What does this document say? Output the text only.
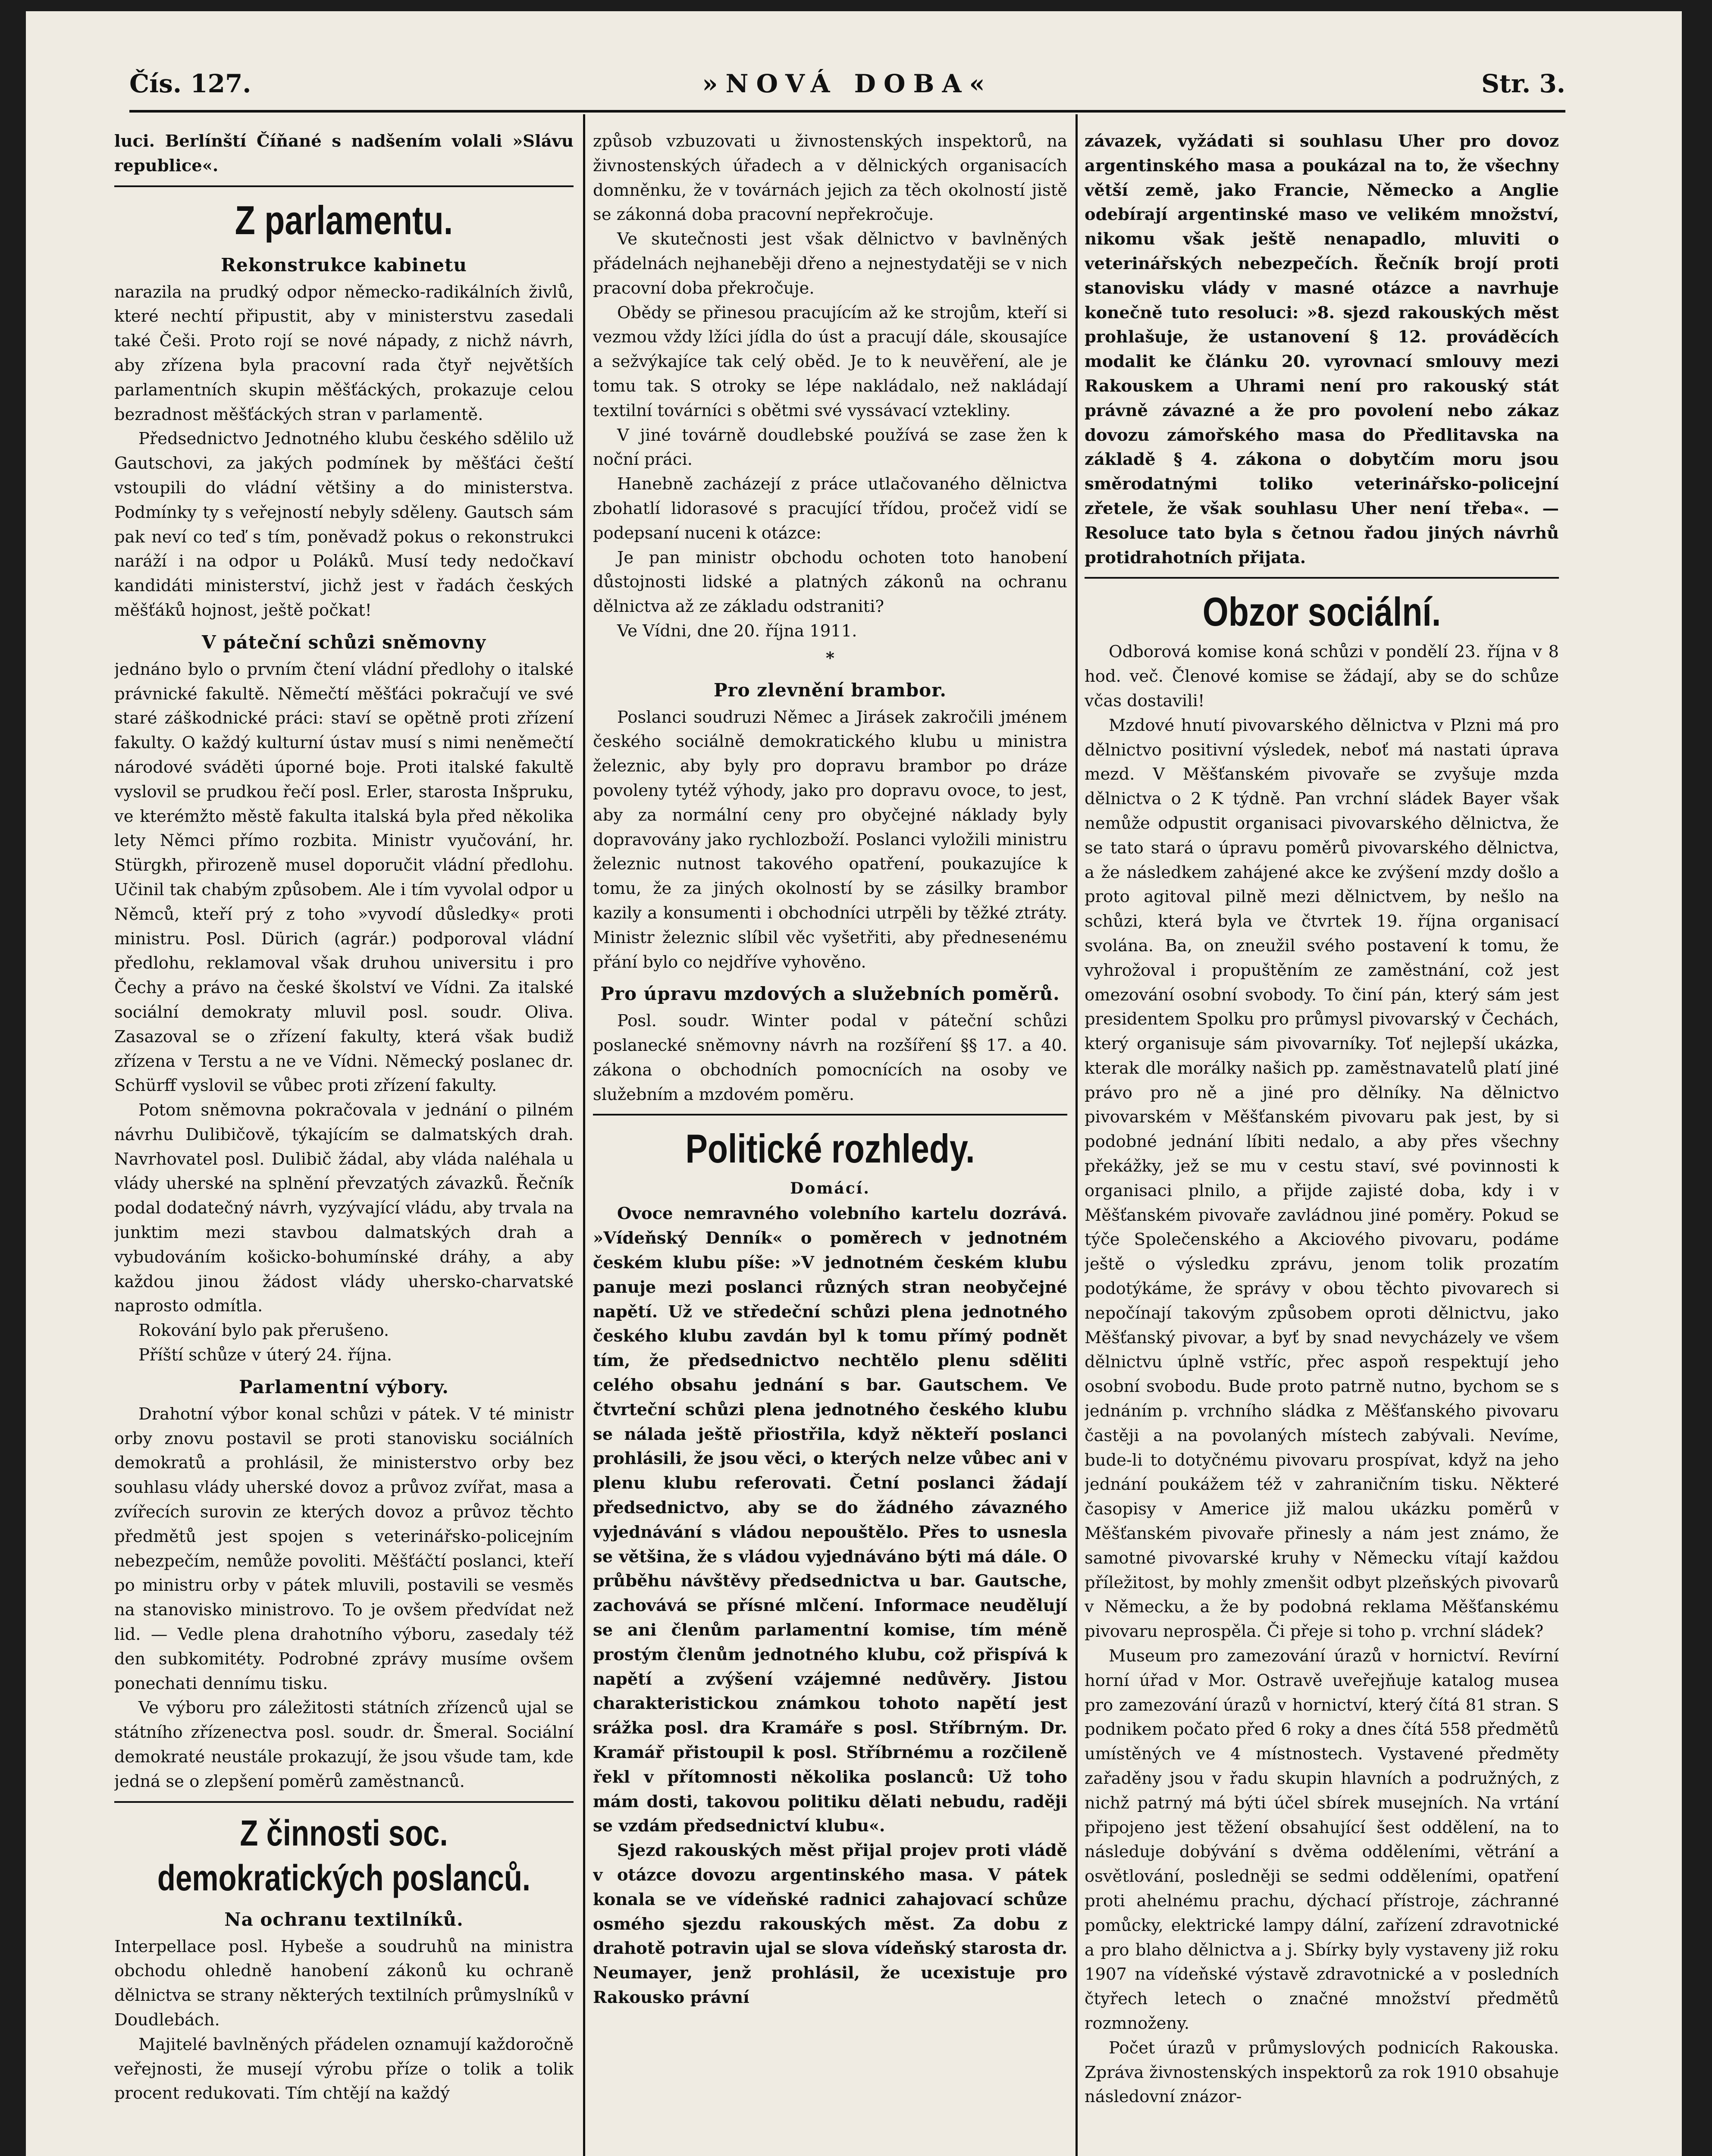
Čís. 127.	»NOVÁ DOBA«	Str. 3.

luci. Berlínští Číňané s nadšením volali »Slávu republice«.

Z parlamentu.
Rekonstrukce kabinetu

narazila na prudký odpor německo-radikálních živlů, které nechtí připustit, aby v ministerstvu zasedali také Češi. Proto rojí se nové nápady, z nichž návrh, aby zřízena byla pracovní rada čtyř největších parlamentních skupin měšťáckých, prokazuje celou bezradnost měšťáckých stran v parlamentě.

Předsednictvo Jednotného klubu českého sdělilo už Gautschovi, za jakých podmínek by měšťáci čeští vstoupili do vládní většiny a do ministerstva. Podmínky ty s veřejností nebyly sděleny. Gautsch sám pak neví co teď s tím, poněvadž pokus o rekonstrukci naráží i na odpor u Poláků. Musí tedy nedočkaví kandidáti ministerství, jichž jest v řadách českých měšťáků hojnost, ještě počkat!

V páteční schůzi sněmovny

jednáno bylo o prvním čtení vládní předlohy o italské právnické fakultě. Němečtí měšťáci pokračují ve své staré záškodnické práci: staví se opětně proti zřízení fakulty. O každý kulturní ústav musí s nimi neněmečtí národové sváděti úporné boje. Proti italské fakultě vyslovil se prudkou řečí posl. Erler, starosta Inšpruku, ve kterémžto městě fakulta italská byla před několika lety Němci přímo rozbita. Ministr vyučování, hr. Stürgkh, přirozeně musel doporučit vládní předlohu. Učinil tak chabým způsobem. Ale i tím vyvolal odpor u Němců, kteří prý z toho »vyvodí důsledky« proti ministru. Posl. Dürich (agrár.) podporoval vládní předlohu, reklamoval však druhou universitu i pro Čechy a právo na české školství ve Vídni. Za italské sociální demokraty mluvil posl. soudr. Oliva. Zasazoval se o zřízení fakulty, která však budiž zřízena v Terstu a ne ve Vídni. Německý poslanec dr. Schürff vyslovil se vůbec proti zřízení fakulty.

Potom sněmovna pokračovala v jednání o pilném návrhu Dulibičově, týkajícím se dalmatských drah. Navrhovatel posl. Dulibič žádal, aby vláda naléhala u vlády uherské na splnění převzatých závazků. Řečník podal dodatečný návrh, vyzývající vládu, aby trvala na junktim mezi stavbou dalmatských drah a vybudováním košicko-bohumínské dráhy, a aby každou jinou žádost vlády uhersko-charvatské naprosto odmítla.

Rokování bylo pak přerušeno.

Příští schůze v úterý 24. října.

Parlamentní výbory.

Drahotní výbor konal schůzi v pátek. V té ministr orby znovu postavil se proti stanovisku sociálních demokratů a prohlásil, že ministerstvo orby bez souhlasu vlády uherské dovoz a průvoz zvířat, masa a zvířecích surovin ze kterých dovoz a průvoz těchto předmětů jest spojen s veterinářsko-policejním nebezpečím, nemůže povoliti. Měšťáčtí poslanci, kteří po ministru orby v pátek mluvili, postavili se vesměs na stanovisko ministrovo. To je ovšem předvídat než lid. — Vedle plena drahotního výboru, zasedaly též den subkomitéty. Podrobné zprávy musíme ovšem ponechati dennímu tisku.

Ve výboru pro záležitosti státních zřízenců ujal se státního zřízenectva posl. soudr. dr. Šmeral. Sociální demokraté neustále prokazují, že jsou všude tam, kde jedná se o zlepšení poměrů zaměstnanců.

Z činnosti soc. demokratických poslanců.
Na ochranu textilníků.

Interpellace posl. Hybeše a soudruhů na ministra obchodu ohledně hanobení zákonů ku ochraně dělnictva se strany některých textilních průmyslníků v Doudlebách.

Majitelé bavlněných přádelen oznamují každoročně veřejnosti, že musejí výrobu příze o tolik a tolik procent redukovati. Tím chtějí na každý

způsob vzbuzovati u živnostenských inspektorů, na živnostenských úřadech a v dělnických organisacích domněnku, že v továrnách jejich za těch okolností jistě se zákonná doba pracovní nepřekročuje.

Ve skutečnosti jest však dělnictvo v bavlněných přádelnách nejhaneběji dřeno a nejnestydatěji se v nich pracovní doba překročuje.

Obědy se přinesou pracujícím až ke strojům, kteří si vezmou vždy lžíci jídla do úst a pracují dále, skousajíce a sežvýkajíce tak celý oběd. Je to k neuvěření, ale je tomu tak. S otroky se lépe nakládalo, než nakládají textilní továrníci s obětmi své vyssávací vztekliny.

V jiné továrně doudlebské používá se zase žen k noční práci.

Hanebně zacházejí z práce utlačovaného dělnictva zbohatlí lidorasové s pracující třídou, pročež vidí se podepsaní nuceni k otázce:

Je pan ministr obchodu ochoten toto hanobení důstojnosti lidské a platných zákonů na ochranu dělnictva až ze základu odstraniti?

Ve Vídni, dne 20. října 1911.

*
Pro zlevnění brambor.

Poslanci soudruzi Němec a Jirásek zakročili jménem českého sociálně demokratického klubu u ministra železnic, aby byly pro dopravu brambor po dráze povoleny tytéž výhody, jako pro dopravu ovoce, to jest, aby za normální ceny pro obyčejné náklady byly dopravovány jako rychlozboží. Poslanci vyložili ministru železnic nutnost takového opatření, poukazujíce k tomu, že za jiných okolností by se zásilky brambor kazily a konsumenti i obchodníci utrpěli by těžké ztráty. Ministr železnic slíbil věc vyšetřiti, aby přednesenému přání bylo co nejdříve vyhověno.

Pro úpravu mzdových a služebních poměrů.

Posl. soudr. Winter podal v páteční schůzi poslanecké sněmovny návrh na rozšíření §§ 17. a 40. zákona o obchodních pomocnících na osoby ve služebním a mzdovém poměru.

Politické rozhledy.
Domácí.

Ovoce nemravného volebního kartelu dozrává. »Vídeňský Denník« o poměrech v jednotném českém klubu píše: »V jednotném českém klubu panuje mezi poslanci různých stran neobyčejné napětí. Už ve středeční schůzi plena jednotného českého klubu zavdán byl k tomu přímý podnět tím, že předsednictvo nechtělo plenu sděliti celého obsahu jednání s bar. Gautschem. Ve čtvrteční schůzi plena jednotného českého klubu se nálada ještě přiostřila, když někteří poslanci prohlásili, že jsou věci, o kterých nelze vůbec ani v plenu klubu referovati. Četní poslanci žádají předsednictvo, aby se do žádného závazného vyjednávání s vládou nepouštělo. Přes to usnesla se většina, že s vládou vyjednáváno býti má dále. O průběhu návštěvy předsednictva u bar. Gautsche, zachovává se přísné mlčení. Informace neudělují se ani členům parlamentní komise, tím méně prostým členům jednotného klubu, což přispívá k napětí a zvýšení vzájemné nedůvěry. Jistou charakteristickou známkou tohoto napětí jest srážka posl. dra Kramáře s posl. Stříbrným. Dr. Kramář přistoupil k posl. Stříbrnému a rozčileně řekl v přítomnosti několika poslanců: Už toho mám dosti, takovou politiku dělati nebudu, raději se vzdám předsednictví klubu«.

Sjezd rakouských měst přijal projev proti vládě v otázce dovozu argentinského masa. V pátek konala se ve vídeňské radnici zahajovací schůze osmého sjezdu rakouských měst. Za dobu z drahotě potravin ujal se slova vídeňský starosta dr. Neumayer, jenž prohlásil, že ucexistuje pro Rakousko právní

závazek, vyžádati si souhlasu Uher pro dovoz argentinského masa a poukázal na to, že všechny větší země, jako Francie, Německo a Anglie odebírají argentinské maso ve velikém množství, nikomu však ještě nenapadlo, mluviti o veterinářských nebezpečích. Řečník brojí proti stanovisku vlády v masné otázce a navrhuje konečně tuto resoluci: »8. sjezd rakouských měst prohlašuje, že ustanovení § 12. prováděcích modalit ke článku 20. vyrovnací smlouvy mezi Rakouskem a Uhrami není pro rakouský stát právně závazné a že pro povolení nebo zákaz dovozu zámořského masa do Předlitavska na základě § 4. zákona o dobytčím moru jsou směrodatnými toliko veterinářsko-policejní zřetele, že však souhlasu Uher není třeba«. — Resoluce tato byla s četnou řadou jiných návrhů protidrahotních přijata.

Obzor sociální.

Odborová komise koná schůzi v pondělí 23. října v 8 hod. več. Členové komise se žádají, aby se do schůze včas dostavili!

Mzdové hnutí pivovarského dělnictva v Plzni má pro dělnictvo positivní výsledek, neboť má nastati úprava mezd. V Měšťanském pivovaře se zvyšuje mzda dělnictva o 2 K týdně. Pan vrchní sládek Bayer však nemůže odpustit organisaci pivovarského dělnictva, že se tato stará o úpravu poměrů pivovarského dělnictva, a že následkem zahájené akce ke zvýšení mzdy došlo a proto agitoval pilně mezi dělnictvem, by nešlo na schůzi, která byla ve čtvrtek 19. října organisací svolána. Ba, on zneužil svého postavení k tomu, že vyhrožoval i propuštěním ze zaměstnání, což jest omezování osobní svobody. To činí pán, který sám jest presidentem Spolku pro průmysl pivovarský v Čechách, který organisuje sám pivovarníky. Toť nejlepší ukázka, kterak dle morálky našich pp. zaměstnavatelů platí jiné právo pro ně a jiné pro dělníky. Na dělnictvo pivovarském v Měšťanském pivovaru pak jest, by si podobné jednání líbiti nedalo, a aby přes všechny překážky, jež se mu v cestu staví, své povinnosti k organisaci plnilo, a přijde zajisté doba, kdy i v Měšťanském pivovaře zavládnou jiné poměry. Pokud se týče Společenského a Akciového pivovaru, podáme ještě o výsledku zprávu, jenom tolik prozatím podotýkáme, že správy v obou těchto pivovarech si nepočínají takovým způsobem oproti dělnictvu, jako Měšťanský pivovar, a byť by snad nevycházely ve všem dělnictvu úplně vstříc, přec aspoň respektují jeho osobní svobodu. Bude proto patrně nutno, bychom se s jednáním p. vrchního sládka z Měšťanského pivovaru častěji a na povolaných místech zabývali. Nevíme, bude-li to dotyčnému pivovaru prospívat, když na jeho jednání poukážem též v zahraničním tisku. Některé časopisy v Americe již malou ukázku poměrů v Měšťanském pivovaře přinesly a nám jest známo, že samotné pivovarské kruhy v Německu vítají každou příležitost, by mohly zmenšit odbyt plzeňských pivovarů v Německu, a že by podobná reklama Měšťanskému pivovaru neprospěla. Či přeje si toho p. vrchní sládek?

Museum pro zamezování úrazů v hornictví. Revírní horní úřad v Mor. Ostravě uveřejňuje katalog musea pro zamezování úrazů v hornictví, který čítá 81 stran. S podnikem počato před 6 roky a dnes čítá 558 předmětů umístěných ve 4 místnostech. Vystavené předměty zařaděny jsou v řadu skupin hlavních a podružných, z nichž patrný má býti účel sbírek musejních. Na vrtání připojeno jest těžení obsahující šest oddělení, na to následuje dobývání s dvěma odděleními, větrání a osvětlování, posledněji se sedmi odděleními, opatření proti ahelnému prachu, dýchací přístroje, záchranné pomůcky, elektrické lampy dální, zařízení zdravotnické a pro blaho dělnictva a j. Sbírky byly vystaveny již roku 1907 na vídeňské výstavě zdravotnické a v posledních čtyřech letech o značné množství předmětů rozmnoženy.

Počet úrazů v průmyslových podnicích Rakouska. Zpráva živnostenských inspektorů za rok 1910 obsahuje následovní znázor-
